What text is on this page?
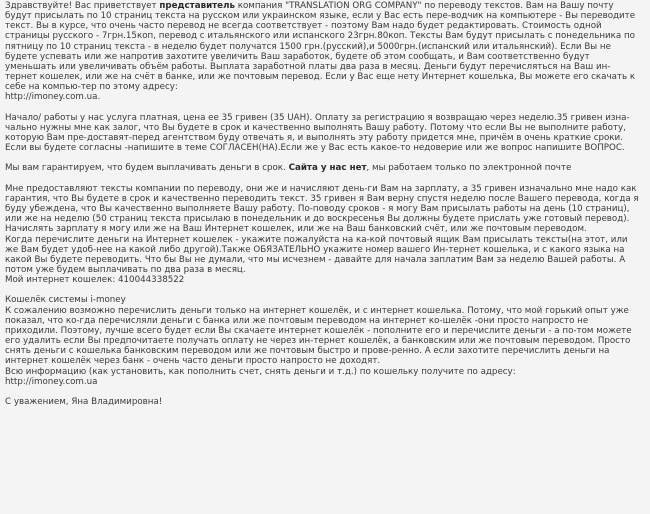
Здравствуйте! Вас приветствует представитель компания "TRANSLATION ORG COMPANY" по переводу текстов. Вам на Вашу почту будут присылать по 10 страниц текста на русском или украинском языке, если у Вас есть пере-водчик на компьютере - Вы переводите текст. Вы в курсе, что очень часто перевод не всегда соответствует - поэтому Вам надо будет редактировать. Стоимость одной страницы русского - 7грн.15коп, перевод с итальянского или испанского 23грн.80коп. Тексты Вам будут присылать с понедельника по пятницу по 10 страниц текста - в неделю будет получатся 1500 грн.(русский),и 5000грн.(испанский или итальянский). Если Вы не будете успевать или же напротив захотите увеличить Ваш заработок, будете об этом сообщать, и Вам соответственно будут уменьшать или увеличивать объём работы. Выплата заработной платы два раза в месяц. Деньги будут перечисляться на Ваш ин-тернет кошелек, или же на счёт в банке, или же почтовым перевод. Если у Вас еще нету Интернет кошелька, Вы можете его скачать к себе на компью-тер по этому адресу:
http://imoney.com.ua.

Начало/ работы у нас услуга платная, цена ее 35 гривен (35 UAH). Оплату за регистрацию я возвращаю через неделю.35 гривен изна-чально нужны мне как залог, что Вы будете в срок и качественно выполнять Вашу работу. Потому что если Вы не выполните работу, которую Вам пре-доставят-перед агентством буду отвечать я, и выполнять эту работу придется мне, причём в очень краткие сроки.
Если вы будете согласны -напишите в теме СОГЛАСЕН(НА).Если же у Вас есть какое-то недоверие или же вопрос напишите ВОПРОС.

Мы вам гарантируем, что будем выплачивать деньги в срок. Сайта у нас нет, мы работаем только по электронной почте

Мне предоставляют тексты компании по переводу, они же и начисляют день-ги Вам на зарплату, а 35 гривен изначально мне надо как гарантия, что Вы будете в срок и качественно переводить текст. 35 гривен я Вам верну спустя неделю после Вашего перевода, когда я буду убеждена, что Вы качественно выполняете Вашу работу. По-поводу сроков - я могу Вам присылать работы на день (10 страниц), или же на неделю (50 страниц текста присылаю в понедельник и до воскресенья Вы должны будете прислать уже готовый перевод).
Начислять зарплату я могу или же на Ваш Интернет кошелек, или же на Ваш банковский счёт, или же почтовым переводом.
Когда перечислите деньги на Интернет кошелек - укажите пожалуйста на ка-кой почтовый ящик Вам присылать тексты(на этот, или же Вам будет удоб-нее на какой либо другой).Также ОБЯЗАТЕЛЬНО укажите номер вашего Ин-тернет кошелька, и с какого языка на какой Вы будете переводить. Что бы Вы не думали, что мы исчезнем - давайте для начала заплатим Вам за неделю Вашей работы. А потом уже будем выплачивать по два раза в месяц.
Мой интернет кошелек: 410044338522

Кошелёк системы i-money
К сожалению возможно перечислить деньги только на интернет кошелёк, и с интернет кошелька. Потому, что мой горький опыт уже показал, что ко-гда перечисляли деньги с банка или же почтовым переводом на интернет ко-шелёк -они просто напросто не приходили. Поэтому, лучше всего будет если Вы скачаете интернет кошелёк - пополните его и перечислите деньги - а по-том можете его удалить если Вы предпочитаете получать оплату не через ин-тернет кошелёк, а банковским или же почтовым переводом. Просто снять деньги с кошелька банковским переводом или же почтовым быстро и прове-ренно. А если захотите перечислить деньги на интернет кошелёк через банк - очень часто деньги просто напросто не доходят.
Всю информацию (как установить, как пополнить счет, снять деньги и т.д.) по кошельку получите по адресу:
http://imoney.com.ua

С уважением, Яна Владимировна!
